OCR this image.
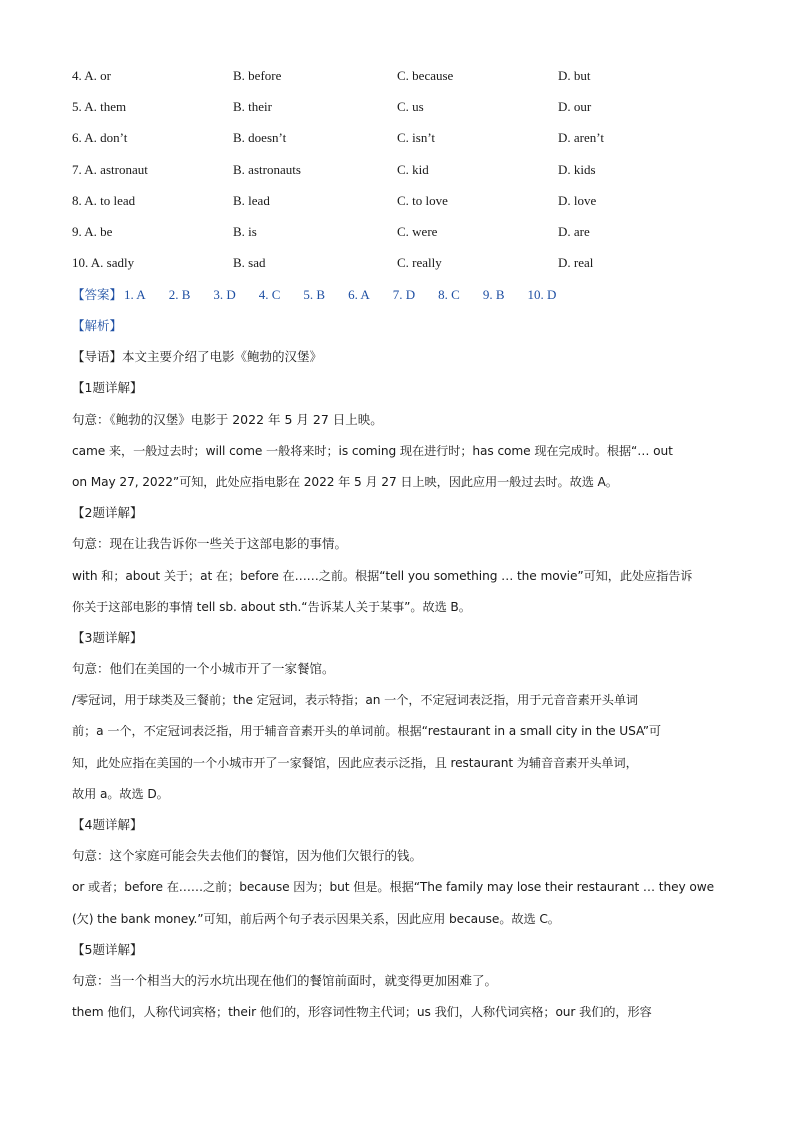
4. A. or	B. before	C. because	D. but
5. A. them	B. their	C. us	D. our
6. A. don’t	B. doesn’t	C. isn’t	D. aren’t
7. A. astronaut	B. astronauts	C. kid	D. kids
8. A. to lead	B. lead	C. to love	D. love
9. A. be	B. is	C. were	D. are
10. A. sadly	B. sad	C. really	D. real
【答案】 1. A 2. B 3. D 4. C 5. B 6. A 7. D 8. C 9. B 10. D
【解析】
【导语】本文主要介绍了电影《鲍勃的汉堡》
【1题详解】
句意：《鲍勃的汉堡》电影于 2022 年 5 月 27 日上映。
came 来，一般过去时；will come 一般将来时；is coming 现在进行时；has come 现在完成时。根据“… out
on May 27, 2022”可知，此处应指电影在 2022 年 5 月 27 日上映，因此应用一般过去时。故选 A。
【2题详解】
句意：现在让我告诉你一些关于这部电影的事情。
with 和；about 关于；at 在；before 在……之前。根据“tell you something … the movie”可知，此处应指告诉
你关于这部电影的事情 tell sb. about sth.“告诉某人关于某事”。故选 B。
【3题详解】
句意：他们在美国的一个小城市开了一家餐馆。
/零冠词，用于球类及三餐前；the 定冠词，表示特指；an 一个，不定冠词表泛指，用于元音音素开头单词
前；a 一个，不定冠词表泛指，用于辅音音素开头的单词前。根据“restaurant in a small city in the USA”可
知，此处应指在美国的一个小城市开了一家餐馆，因此应表示泛指，且 restaurant 为辅音音素开头单词，
故用 a。故选 D。
【4题详解】
句意：这个家庭可能会失去他们的餐馆，因为他们欠银行的钱。
or 或者；before 在……之前；because 因为；but 但是。根据“The family may lose their restaurant … they owe
(欠) the bank money.”可知，前后两个句子表示因果关系，因此应用 because。故选 C。
【5题详解】
句意：当一个相当大的污水坑出现在他们的餐馆前面时，就变得更加困难了。
them 他们，人称代词宾格；their 他们的，形容词性物主代词；us 我们，人称代词宾格；our 我们的，形容
